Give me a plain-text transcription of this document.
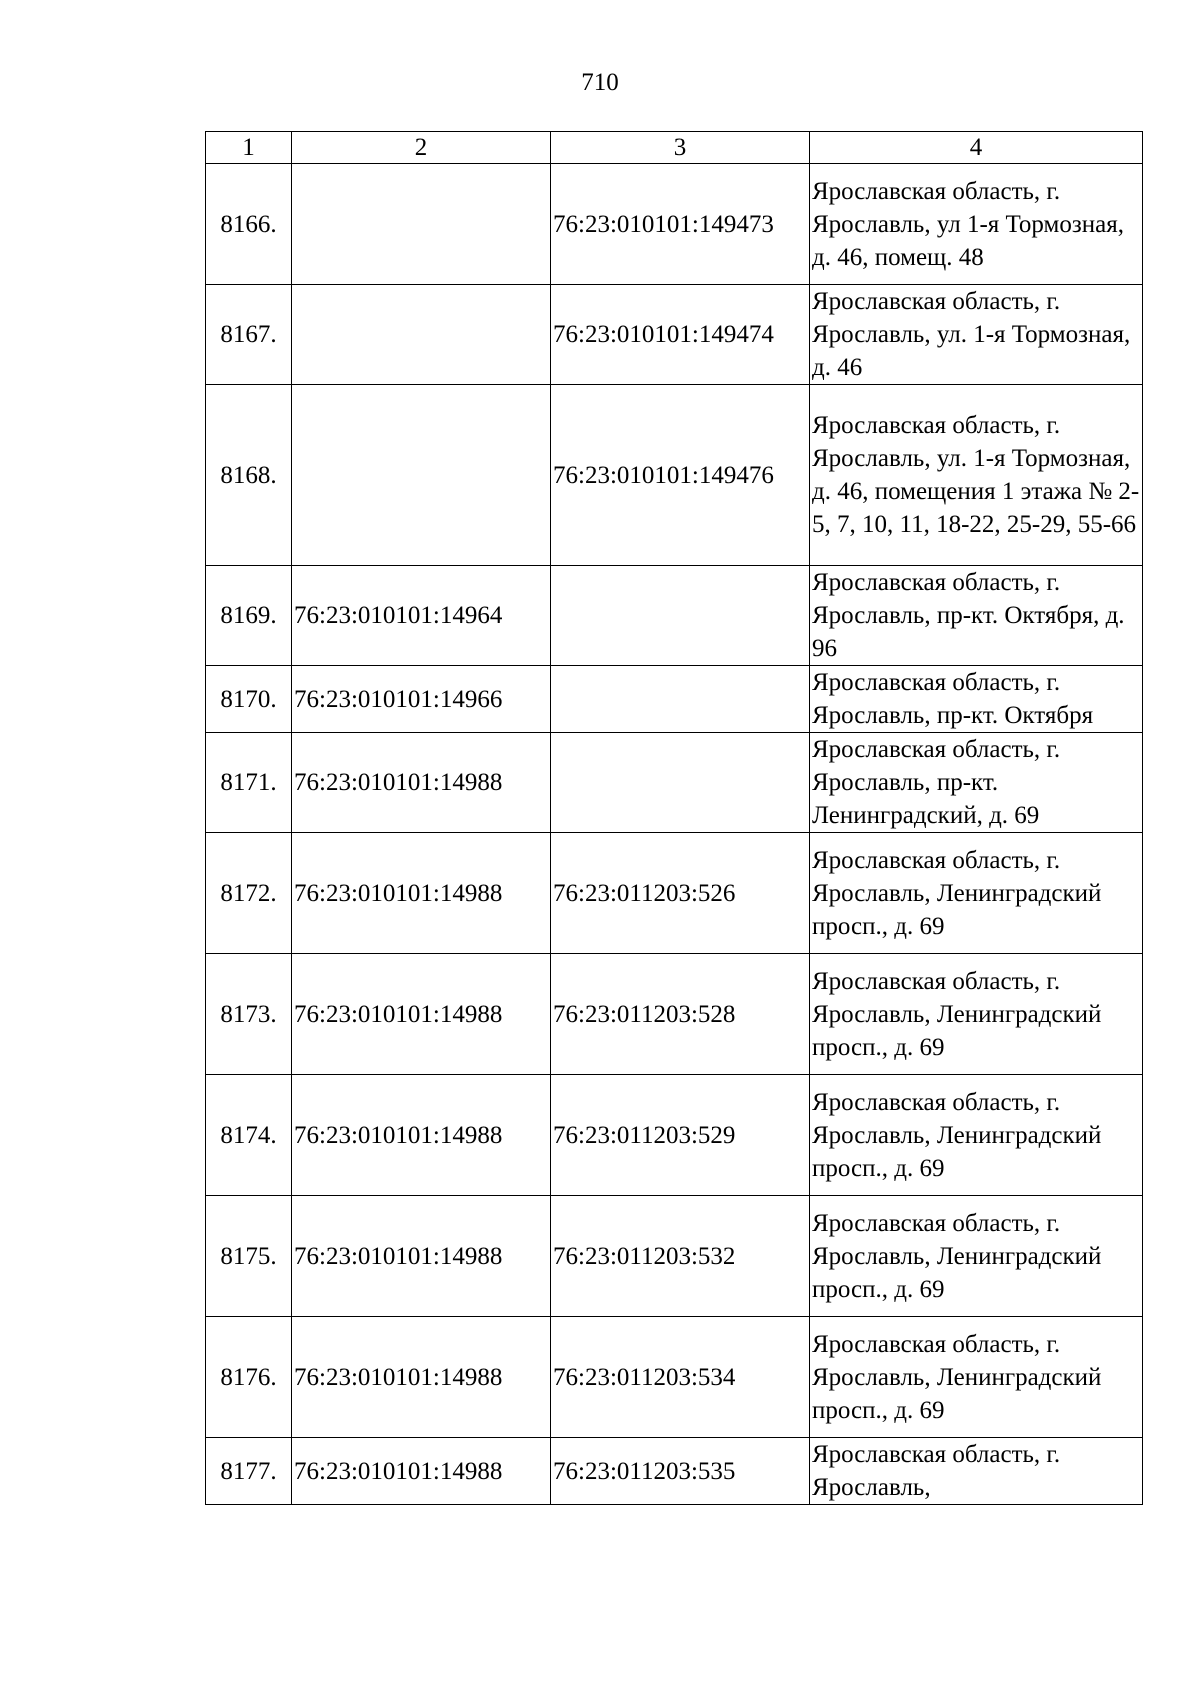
710
1	2	3	4
8166.		76:23:010101:149473	Ярославская область, г. Ярославль, ул 1-я Тормозная, д. 46, помещ. 48
8167.		76:23:010101:149474	Ярославская область, г. Ярославль, ул. 1-я Тормозная, д. 46
8168.		76:23:010101:149476	Ярославская область, г. Ярославль, ул. 1-я Тормозная, д. 46, помещения 1 этажа № 2-5, 7, 10, 11, 18-22, 25-29, 55-66
8169.	76:23:010101:14964		Ярославская область, г. Ярославль, пр-кт. Октября, д. 96
8170.	76:23:010101:14966		Ярославская область, г. Ярославль, пр-кт. Октября
8171.	76:23:010101:14988		Ярославская область, г. Ярославль, пр-кт. Ленинградский, д. 69
8172.	76:23:010101:14988	76:23:011203:526	Ярославская область, г. Ярославль, Ленинградский просп., д. 69
8173.	76:23:010101:14988	76:23:011203:528	Ярославская область, г. Ярославль, Ленинградский просп., д. 69
8174.	76:23:010101:14988	76:23:011203:529	Ярославская область, г. Ярославль, Ленинградский просп., д. 69
8175.	76:23:010101:14988	76:23:011203:532	Ярославская область, г. Ярославль, Ленинградский просп., д. 69
8176.	76:23:010101:14988	76:23:011203:534	Ярославская область, г. Ярославль, Ленинградский просп., д. 69
8177.	76:23:010101:14988	76:23:011203:535	Ярославская область, г. Ярославль,
